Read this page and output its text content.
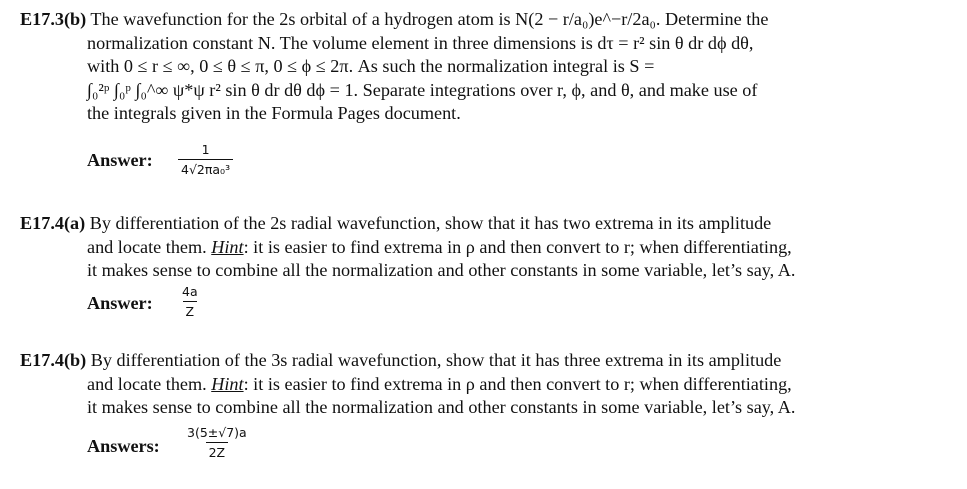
E17.3(b) The wavefunction for the 2s orbital of a hydrogen atom is N(2 − r/a₀)e^−r/2a₀. Determine the
normalization constant N. The volume element in three dimensions is dτ = r² sin θ dr dϕ dθ,
with 0 ≤ r ≤ ∞, 0 ≤ θ ≤ π, 0 ≤ ϕ ≤ 2π. As such the normalization integral is S =
∫₀²ᵖ ∫₀ᵖ ∫₀^∞ ψ*ψ r² sin θ dr dθ dϕ = 1. Separate integrations over r, ϕ, and θ, and make use of
the integrals given in the Formula Pages document.
Answer: $\frac{1}{\text{4√2πa₀³}}$
E17.4(a) By differentiation of the 2s radial wavefunction, show that it has two extrema in its amplitude
and locate them. Hint: it is easier to find extrema in ρ and then convert to r; when differentiating,
it makes sense to combine all the normalization and other constants in some variable, let’s say, A.
Answer: $\frac{4a}{Z}$
E17.4(b) By differentiation of the 3s radial wavefunction, show that it has three extrema in its amplitude
and locate them. Hint: it is easier to find extrema in ρ and then convert to r; when differentiating,
it makes sense to combine all the normalization and other constants in some variable, let’s say, A.
Answers: $\frac{3(5\pm√7)a}{2Z}$
